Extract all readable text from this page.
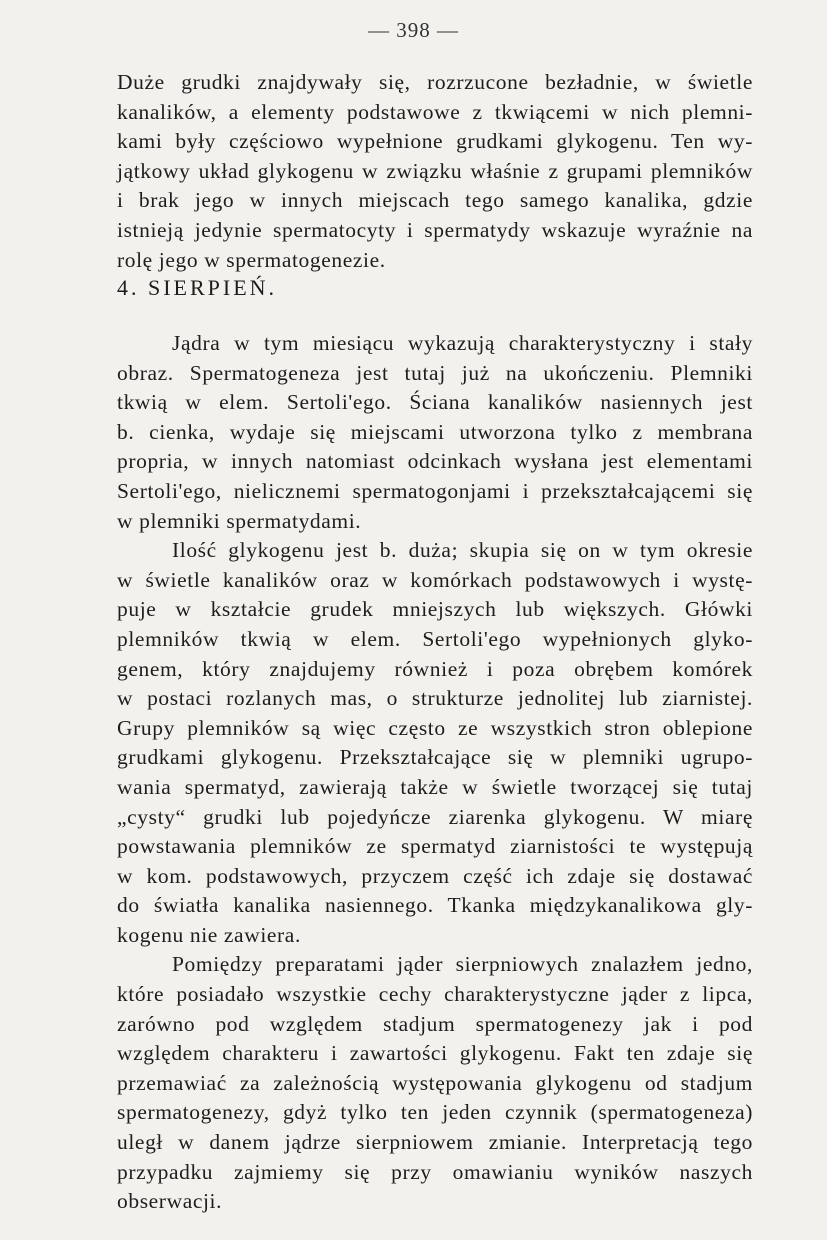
— 398 —
Duże grudki znajdywały się, rozrzucone bezładnie, w świetle
kanalików, a elementy podstawowe z tkwiącemi w nich plemni-
kami były częściowo wypełnione grudkami glykogenu. Ten wy-
jątkowy układ glykogenu w związku właśnie z grupami plemników
i brak jego w innych miejscach tego samego kanalika, gdzie
istnieją jedynie spermatocyty i spermatydy wskazuje wyraźnie na
rolę jego w spermatogenezie.
4. SIERPIEŃ.
Jądra w tym miesiącu wykazują charakterystyczny i stały
obraz. Spermatogeneza jest tutaj już na ukończeniu. Plemniki
tkwią w elem. Sertoli'ego. Ściana kanalików nasiennych jest
b. cienka, wydaje się miejscami utworzona tylko z membrana
propria, w innych natomiast odcinkach wysłana jest elementami
Sertoli'ego, nielicznemi spermatogonjami i przekształcającemi się
w plemniki spermatydami.
Ilość glykogenu jest b. duża; skupia się on w tym okresie
w świetle kanalików oraz w komórkach podstawowych i wystę-
puje w kształcie grudek mniejszych lub większych. Główki
plemników tkwią w elem. Sertoli'ego wypełnionych glyko-
genem, który znajdujemy również i poza obrębem komórek
w postaci rozlanych mas, o strukturze jednolitej lub ziarnistej.
Grupy plemników są więc często ze wszystkich stron oblepione
grudkami glykogenu. Przekształcające się w plemniki ugrupo-
wania spermatyd, zawierają także w świetle tworzącej się tutaj
„cysty“ grudki lub pojedyńcze ziarenka glykogenu. W miarę
powstawania plemników ze spermatyd ziarnistości te występują
w kom. podstawowych, przyczem część ich zdaje się dostawać
do światła kanalika nasiennego. Tkanka międzykanalikowa gly-
kogenu nie zawiera.
Pomiędzy preparatami jąder sierpniowych znalazłem jedno,
które posiadało wszystkie cechy charakterystyczne jąder z lipca,
zarówno pod względem stadjum spermatogenezy jak i pod
względem charakteru i zawartości glykogenu. Fakt ten zdaje się
przemawiać za zależnością występowania glykogenu od stadjum
spermatogenezy, gdyż tylko ten jeden czynnik (spermatogeneza)
uległ w danem jądrze sierpniowem zmianie. Interpretacją tego
przypadku zajmiemy się przy omawianiu wyników naszych
obserwacji.
